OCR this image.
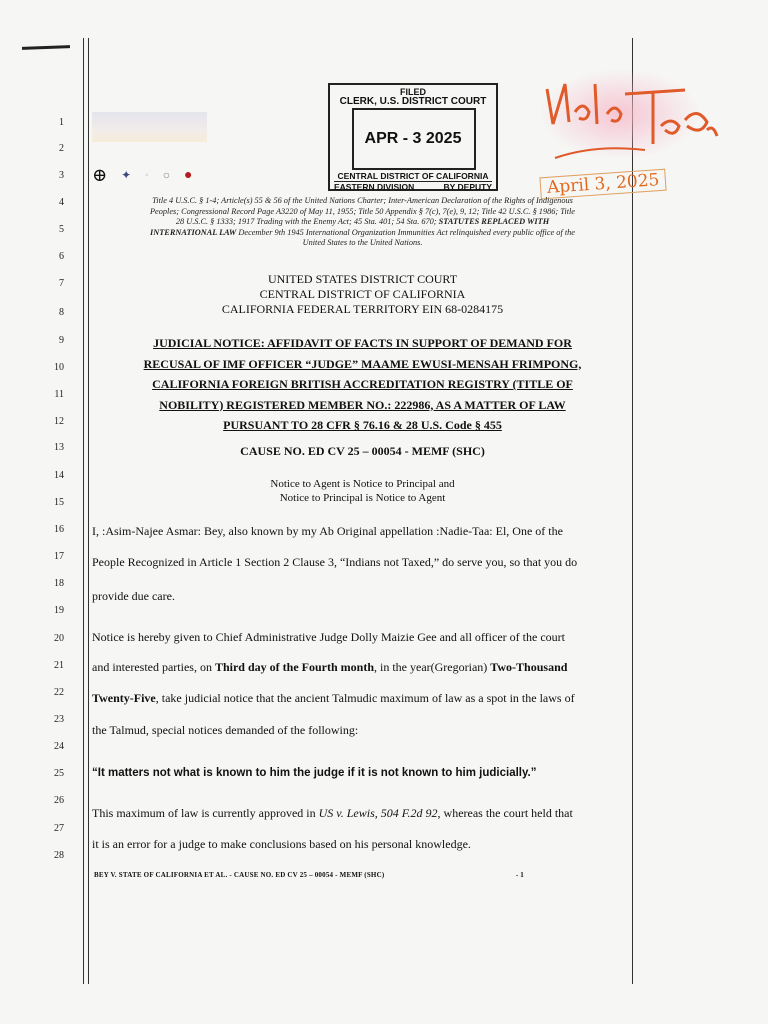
1
2
3
4
5
6
7
8
9
10
11
12
13
14
15
16
17
18
19
20
21
22
23
24
25
26
27
28
⊕ ✦ ◦ ○ ●
FILED
CLERK, U.S. DISTRICT COURT
APR - 3 2025
CENTRAL DISTRICT OF CALIFORNIA
EASTERN DIVISION	BY DEPUTY	April 3, 2025
Title 4 U.S.C. § 1-4; Article(s) 55 & 56 of the United Nations Charter; Inter-American Declaration of the Rights of Indigenous
Peoples; Congressional Record Page A3220 of May 11, 1955; Title 50 Appendix § 7(c), 7(e), 9, 12; Title 42 U.S.C. § 1986; Title
28 U.S.C. § 1333; 1917 Trading with the Enemy Act; 45 Sta. 401; 54 Sta. 670; STATUTES REPLACED WITH
INTERNATIONAL LAW December 9th 1945 International Organization Immunities Act relinquished every public office of the
United States to the United Nations.
UNITED STATES DISTRICT COURT
CENTRAL DISTRICT OF CALIFORNIA
CALIFORNIA FEDERAL TERRITORY EIN 68-0284175
JUDICIAL NOTICE: AFFIDAVIT OF FACTS IN SUPPORT OF DEMAND FOR
RECUSAL OF IMF OFFICER “JUDGE” MAAME EWUSI-MENSAH FRIMPONG,
CALIFORNIA FOREIGN BRITISH ACCREDITATION REGISTRY (TITLE OF
NOBILITY) REGISTERED MEMBER NO.: 222986, AS A MATTER OF LAW
PURSUANT TO 28 CFR § 76.16 & 28 U.S. Code § 455
CAUSE NO. ED CV 25 – 00054 - MEMF (SHC)
Notice to Agent is Notice to Principal and
Notice to Principal is Notice to Agent
I, :Asim-Najee Asmar: Bey, also known by my Ab Original appellation :Nadie-Taa: El, One of the
People Recognized in Article 1 Section 2 Clause 3, “Indians not Taxed,” do serve you, so that you do
provide due care.
Notice is hereby given to Chief Administrative Judge Dolly Maizie Gee and all officer of the court
and interested parties, on Third day of the Fourth month, in the year(Gregorian) Two-Thousand
Twenty-Five, take judicial notice that the ancient Talmudic maximum of law as a spot in the laws of
the Talmud, special notices demanded of the following:
“It matters not what is known to him the judge if it is not known to him judicially.”
This maximum of law is currently approved in US v. Lewis, 504 F.2d 92, whereas the court held that
it is an error for a judge to make conclusions based on his personal knowledge.
BEY V. STATE OF CALIFORNIA ET AL. - CAUSE NO. ED CV 25 – 00054 - MEMF (SHC)	- 1
